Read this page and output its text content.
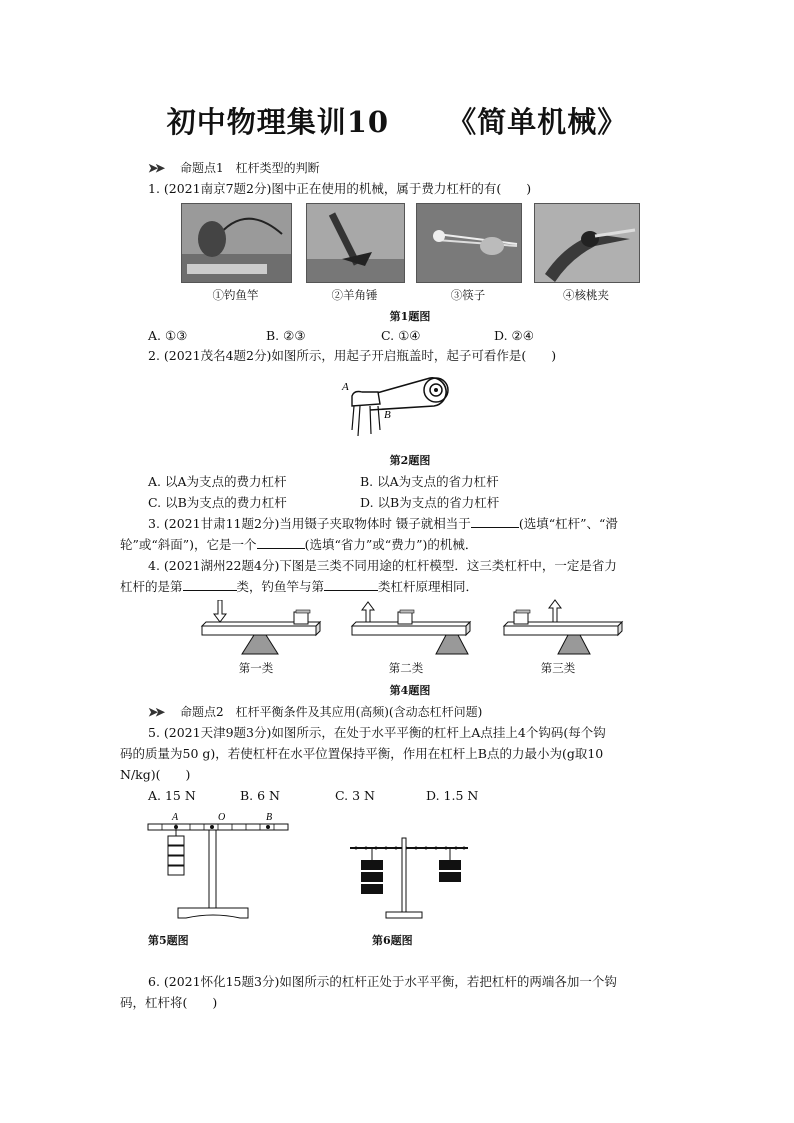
初中物理集训10 《简单机械》
➤➤ 命题点1　杠杆类型的判断
1. (2021南京7题2分)图中正在使用的机械，属于费力杠杆的有(　　)
①钓鱼竿	②羊角锤	③筷子	④核桃夹
第1题图
A. ①③	B. ②③	C. ①④	D. ②④
2. (2021茂名4题2分)如图所示，用起子开启瓶盖时，起子可看作是(　　)
A
B
第2题图
A. 以A为支点的费力杠杆	B. 以A为支点的省力杠杆
C. 以B为支点的费力杠杆	D. 以B为支点的省力杠杆
3. (2021甘肃11题2分)当用镊子夹取物体时 镊子就相当于	(选填“杠杆”、“滑
轮”或“斜面”)，它是一个	(选填“省力”或“费力”)的机械．
4. (2021湖州22题4分)下图是三类不同用途的杠杆模型．这三类杠杆中，一定是省力
杠杆的是第	类，钓鱼竿与第	类杠杆原理相同．
第一类	第二类	第三类
第4题图
➤➤ 命题点2　杠杆平衡条件及其应用(高频)(含动态杠杆问题)
5. (2021天津9题3分)如图所示，在处于水平平衡的杠杆上A点挂上4个钩码(每个钩
码的质量为50 g)，若使杠杆在水平位置保持平衡，作用在杠杆上B点的力最小为(g取10
N/kg)(　　)
A. 15 N	B. 6 N	C. 3 N	D. 1.5 N
A	O	B
第5题图	第6题图
6. (2021怀化15题3分)如图所示的杠杆正处于水平平衡，若把杠杆的两端各加一个钩
码，杠杆将(　　)
